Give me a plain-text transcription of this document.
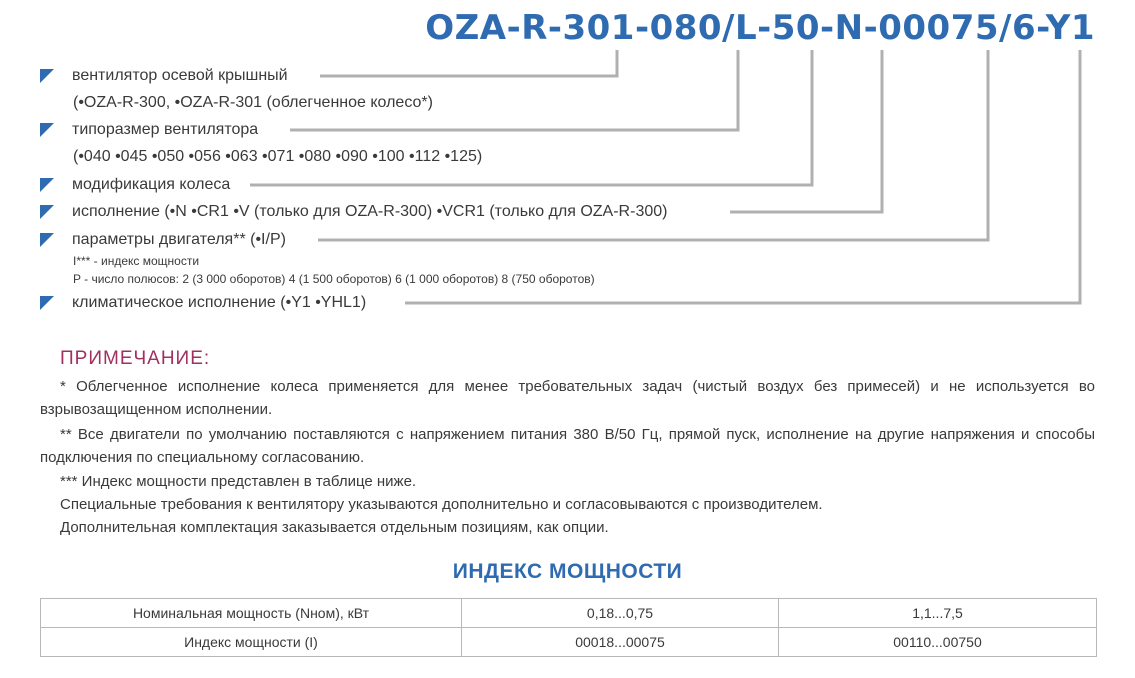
OZA-R-301-080/L-50-N-00075/6-Y1
вентилятор осевой крышный
(•OZA-R-300, •OZA-R-301 (облегченное колесо*)
типоразмер вентилятора
(•040 •045 •050 •056 •063 •071 •080 •090 •100 •112 •125)
модификация колеса
исполнение (•N •CR1 •V (только для OZA-R-300) •VCR1 (только для OZA-R-300)
параметры двигателя** (•I/P)
I*** - индекс мощности
P - число полюсов: 2 (3 000 оборотов) 4 (1 500 оборотов) 6 (1 000 оборотов) 8 (750 оборотов)
климатическое исполнение (•Y1 •YHL1)
ПРИМЕЧАНИЕ:
* Облегченное исполнение колеса применяется для менее требовательных задач (чистый воздух без примесей) и не используется во взрывозащищенном исполнении.
** Все двигатели по умолчанию поставляются с напряжением питания 380 В/50 Гц, прямой пуск, исполнение на другие напряжения и способы подключения по специальному согласованию.
*** Индекс мощности представлен в таблице ниже.
Специальные требования к вентилятору указываются дополнительно и согласовываются с производителем.
Дополнительная комплектация заказывается отдельным позициям, как опции.
ИНДЕКС МОЩНОСТИ
Номинальная мощность (Nном), кВт	0,18...0,75	1,1...7,5
Индекс мощности (I)	00018...00075	00110...00750
